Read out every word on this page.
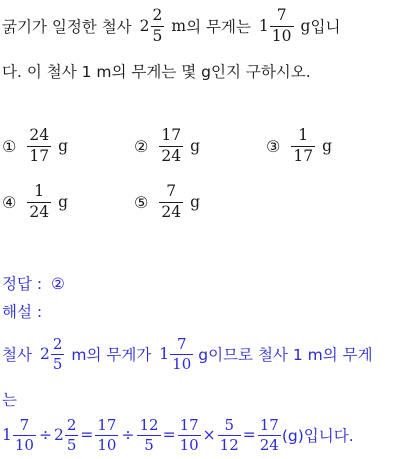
굵기가 일정한 철사 $2 \frac{2}{5}$ m 의 무게는 $1 \frac{7}{10}$ g 입니
다. 이 철사 1 m의 무게는 몇 g인지 구하시오.
① $\frac{24}{17}$ g	② $\frac{17}{24}$ g	③ $\frac{1}{17}$ g
④ $\frac{1}{24}$ g	⑤ $\frac{7}{24}$ g
정답 : ②
해설 :
철사 $2 \frac{2}{5}$ m의 무게가 $1 \frac{7}{10}$ g이므로 철사 1 m의 무게
는
$1 \frac{7}{10} \div 2 \frac{2}{5} = \frac{17}{10} \div \frac{12}{5} = \frac{17}{10} \times \frac{5}{12} = \frac{17}{24} (g)$입니다.
